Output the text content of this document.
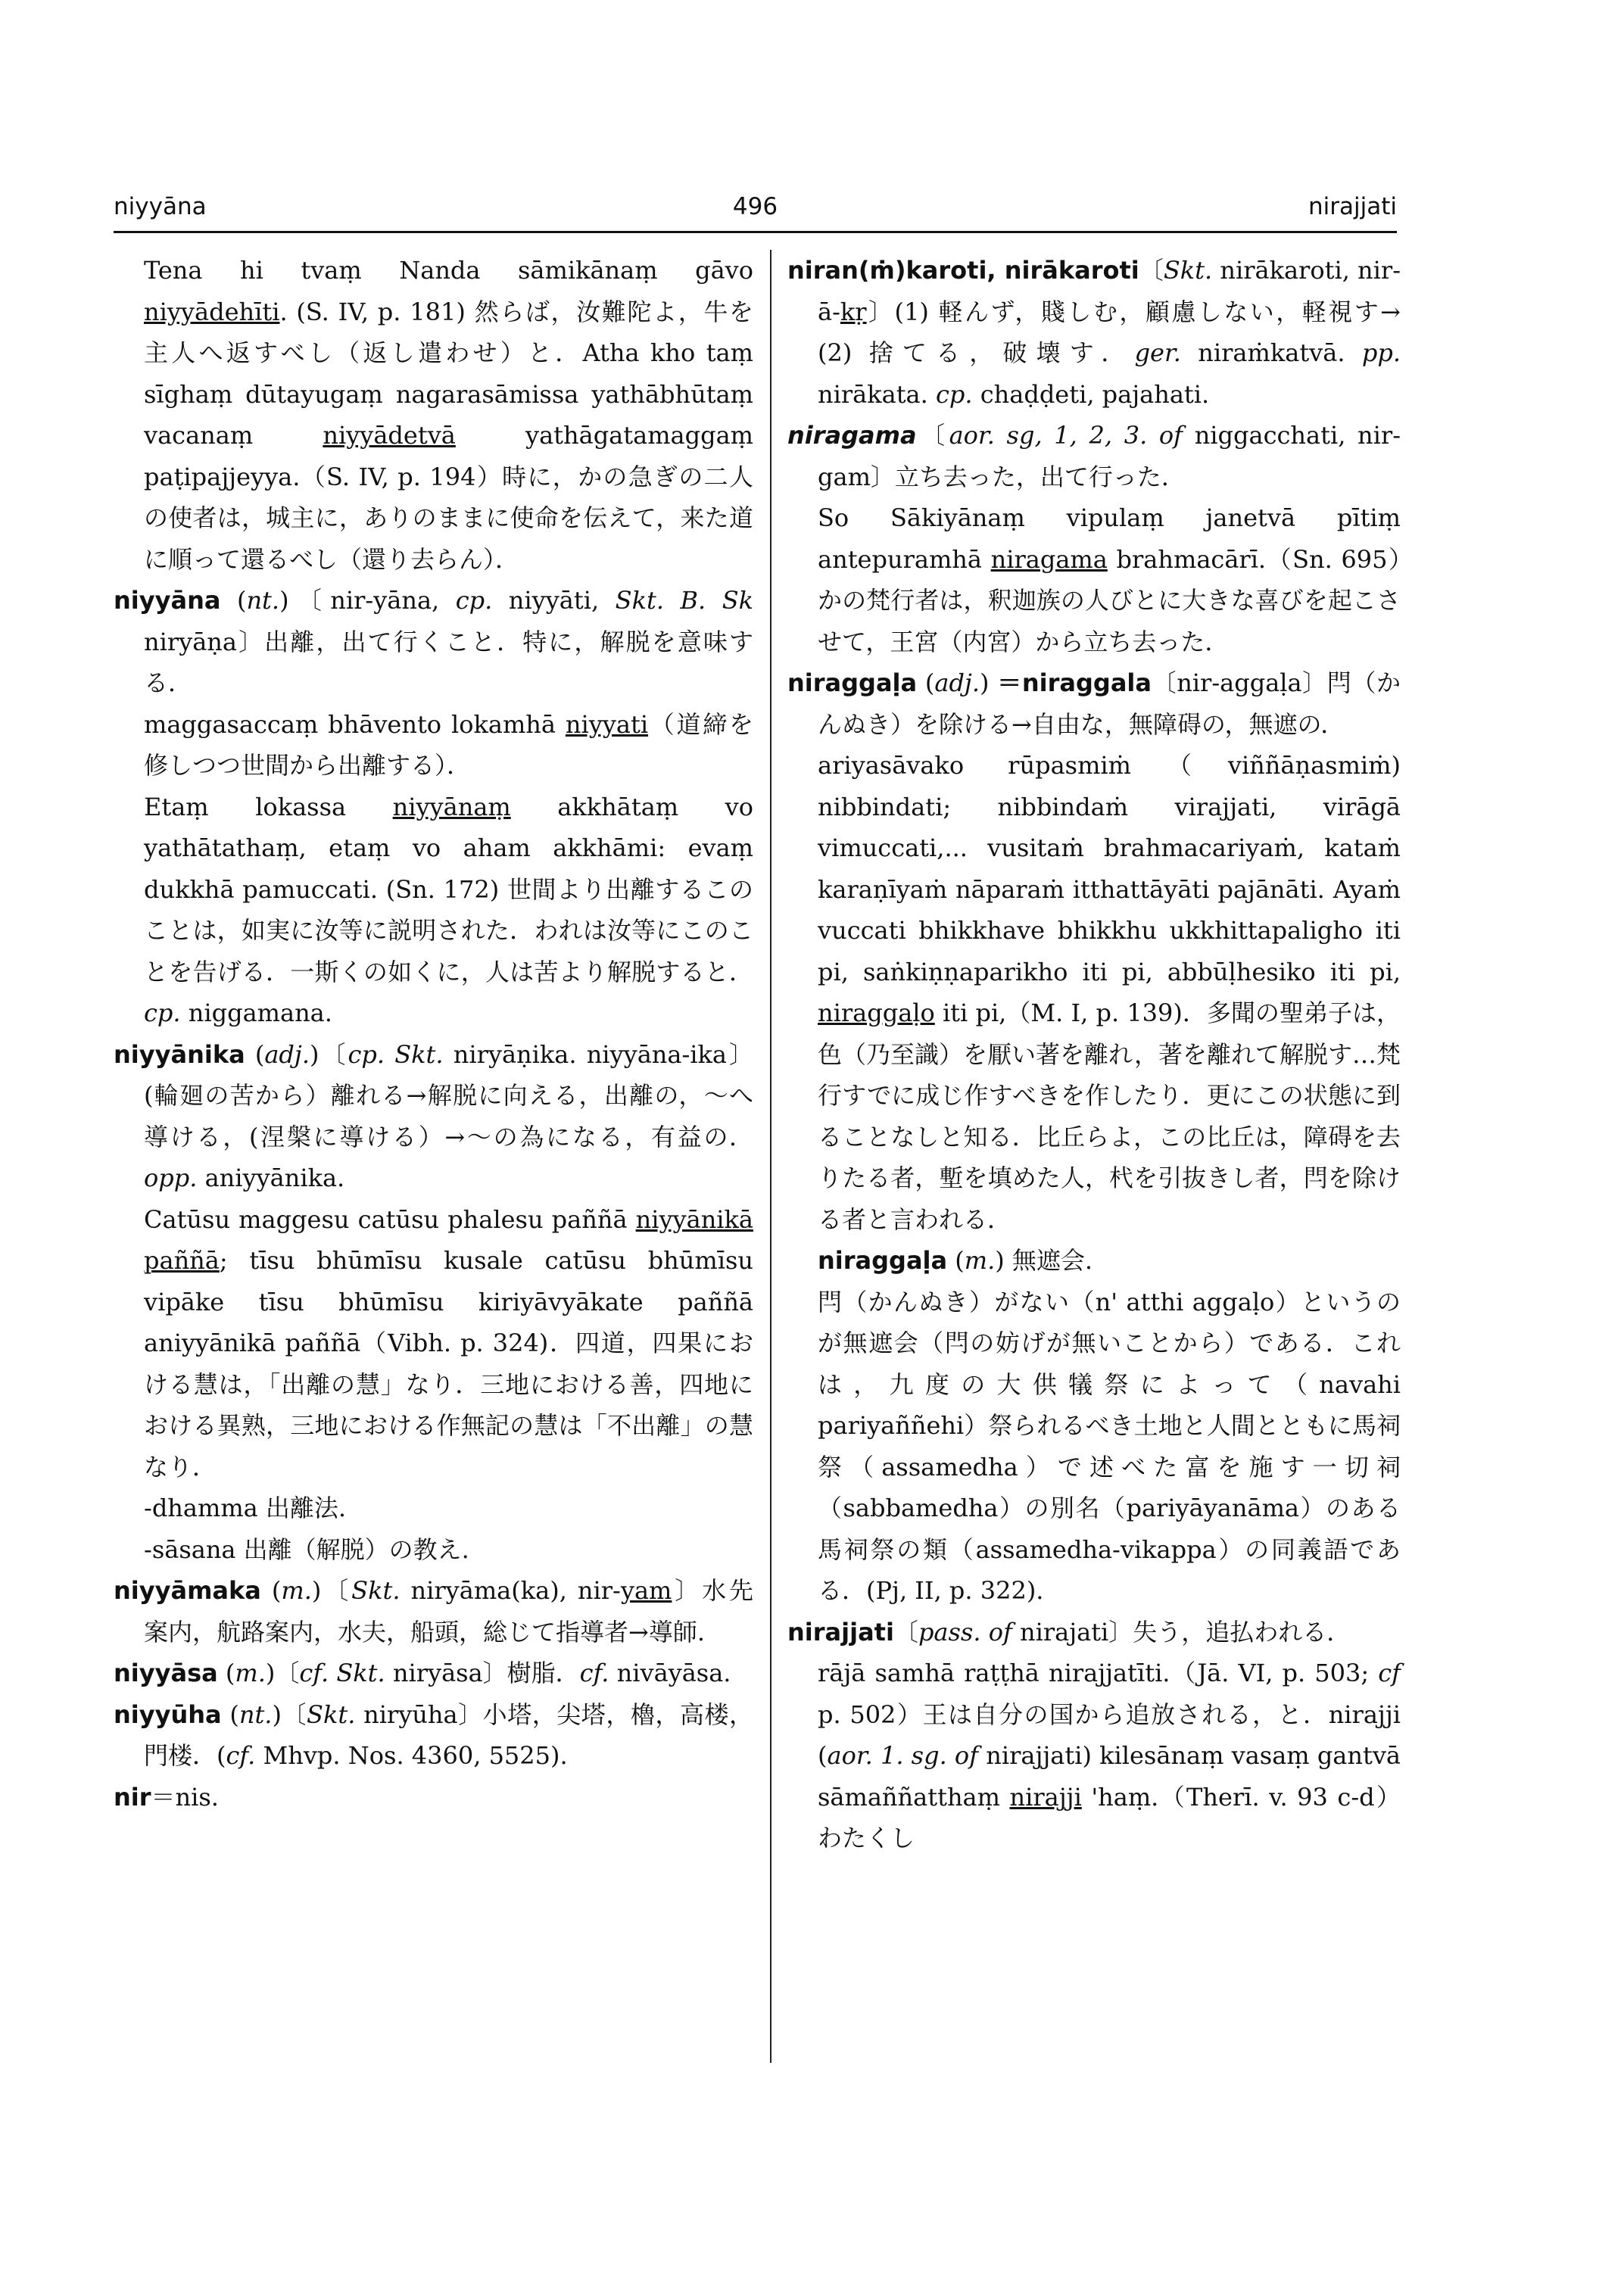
niyyāna	496	nirajjati

Tena hi tvaṃ Nanda sāmikānaṃ gāvo niyyādehīti. (S. IV, p. 181) 然らば，汝難陀よ，牛を主人へ返すべし（返し遣わせ）と．Atha kho taṃ sīghaṃ dūtayugaṃ nagarasāmissa yathābhūtaṃ vacanaṃ niyyādetvā yathāgatamaggaṃ paṭipajjeyya.（S. IV, p. 194）時に，かの急ぎの二人の使者は，城主に，ありのままに使命を伝えて，来た道に順って還るべし（還り去らん）．

niyyāna (nt.)〔nir-yāna, cp. niyyāti, Skt. B. Sk niryāṇa〕出離，出て行くこと．特に，解脱を意味する．

maggasaccaṃ bhāvento lokamhā niyyati（道締を修しつつ世間から出離する）．

Etaṃ lokassa niyyānaṃ akkhātaṃ vo yathātathaṃ, etaṃ vo aham akkhāmi: evaṃ dukkhā pamuccati. (Sn. 172) 世間より出離するこのことは，如実に汝等に説明された．われは汝等にこのことを告げる．一斯くの如くに，人は苦より解脱すると．cp. niggamana.

niyyānika (adj.)〔cp. Skt. niryāṇika. niyyāna-ika〕(輪廻の苦から）離れる→解脱に向える，出離の，～へ導ける，(涅槃に導ける）→～の為になる，有益の．opp. aniyyānika.

Catūsu maggesu catūsu phalesu paññā niyyānikā paññā; tīsu bhūmīsu kusale catūsu bhūmīsu vipāke tīsu bhūmīsu kiriyāvyākate paññā aniyyānikā paññā（Vibh. p. 324)．四道，四果における慧は，「出離の慧」なり．三地における善，四地における異熟，三地における作無記の慧は「不出離」の慧なり．

-dhamma 出離法.

-sāsana 出離（解脱）の教え.

niyyāmaka (m.)〔Skt. niryāma(ka), nir-yam〕水先案内，航路案内，水夫，船頭，総じて指導者→導師.

niyyāsa (m.)〔cf. Skt. niryāsa〕樹脂．cf. nivāyāsa.

niyyūha (nt.)〔Skt. niryūha〕小塔，尖塔，櫓，高楼，門楼．(cf. Mhvp. Nos. 4360, 5525).

nir＝nis.

niran(ṁ)karoti, nirākaroti〔Skt. nirākaroti, nir-ā-kṛ〕(1) 軽んず，賤しむ，顧慮しない，軽視す→ (2) 捨てる，破壊す．ger. niraṁkatvā. pp. nirākata. cp. chaḍḍeti, pajahati.

niragama〔aor. sg, 1, 2, 3. of niggacchati, nir-gam〕立ち去った，出て行った．

So Sākiyānaṃ vipulaṃ janetvā pītiṃ antepuramhā niragama brahmacārī.（Sn. 695）かの梵行者は，釈迦族の人びとに大きな喜びを起こさせて，王宮（内宮）から立ち去った．

niraggaḷa (adj.) ＝niraggala〔nir-aggaḷa〕閂（かんぬき）を除ける→自由な，無障碍の，無遮の．

ariyasāvako rūpasmiṁ（viññāṇasmiṁ) nibbindati; nibbindaṁ virajjati, virāgā vimuccati,... vusitaṁ brahmacariyaṁ, kataṁ karaṇīyaṁ nāparaṁ itthattāyāti pajānāti. Ayaṁ vuccati bhikkhave bhikkhu ukkhittapaligho iti pi, saṅkiṇṇaparikho iti pi, abbūḷhesiko iti pi, niraggaḷo iti pi,（M. I, p. 139)．多聞の聖弟子は，色（乃至識）を厭い著を離れ，著を離れて解脱す…梵行すでに成じ作すべきを作したり．更にこの状態に到ることなしと知る．比丘らよ，この比丘は，障碍を去りたる者，塹を填めた人，杙を引抜きし者，閂を除ける者と言われる．

niraggaḷa (m.) 無遮会.

閂（かんぬき）がない（n' atthi aggaḷo）というのが無遮会（閂の妨げが無いことから）である．これは，九度の大供犠祭によって（navahi pariyaññehi）祭られるべき土地と人間とともに馬祠祭（assamedha）で述べた富を施す一切祠（sabbamedha）の別名（pariyāyanāma）のある馬祠祭の類（assamedha-vikappa）の同義語である．(Pj, II, p. 322).

nirajjati〔pass. of nirajati〕失う，追払われる．

rājā samhā raṭṭhā nirajjatīti.（Jā. VI, p. 503; cf p. 502）王は自分の国から追放される，と．nirajji (aor. 1. sg. of nirajjati) kilesānaṃ vasaṃ gantvā sāmaññatthaṃ nirajji 'haṃ.（Therī. v. 93 c-d）わたくし
